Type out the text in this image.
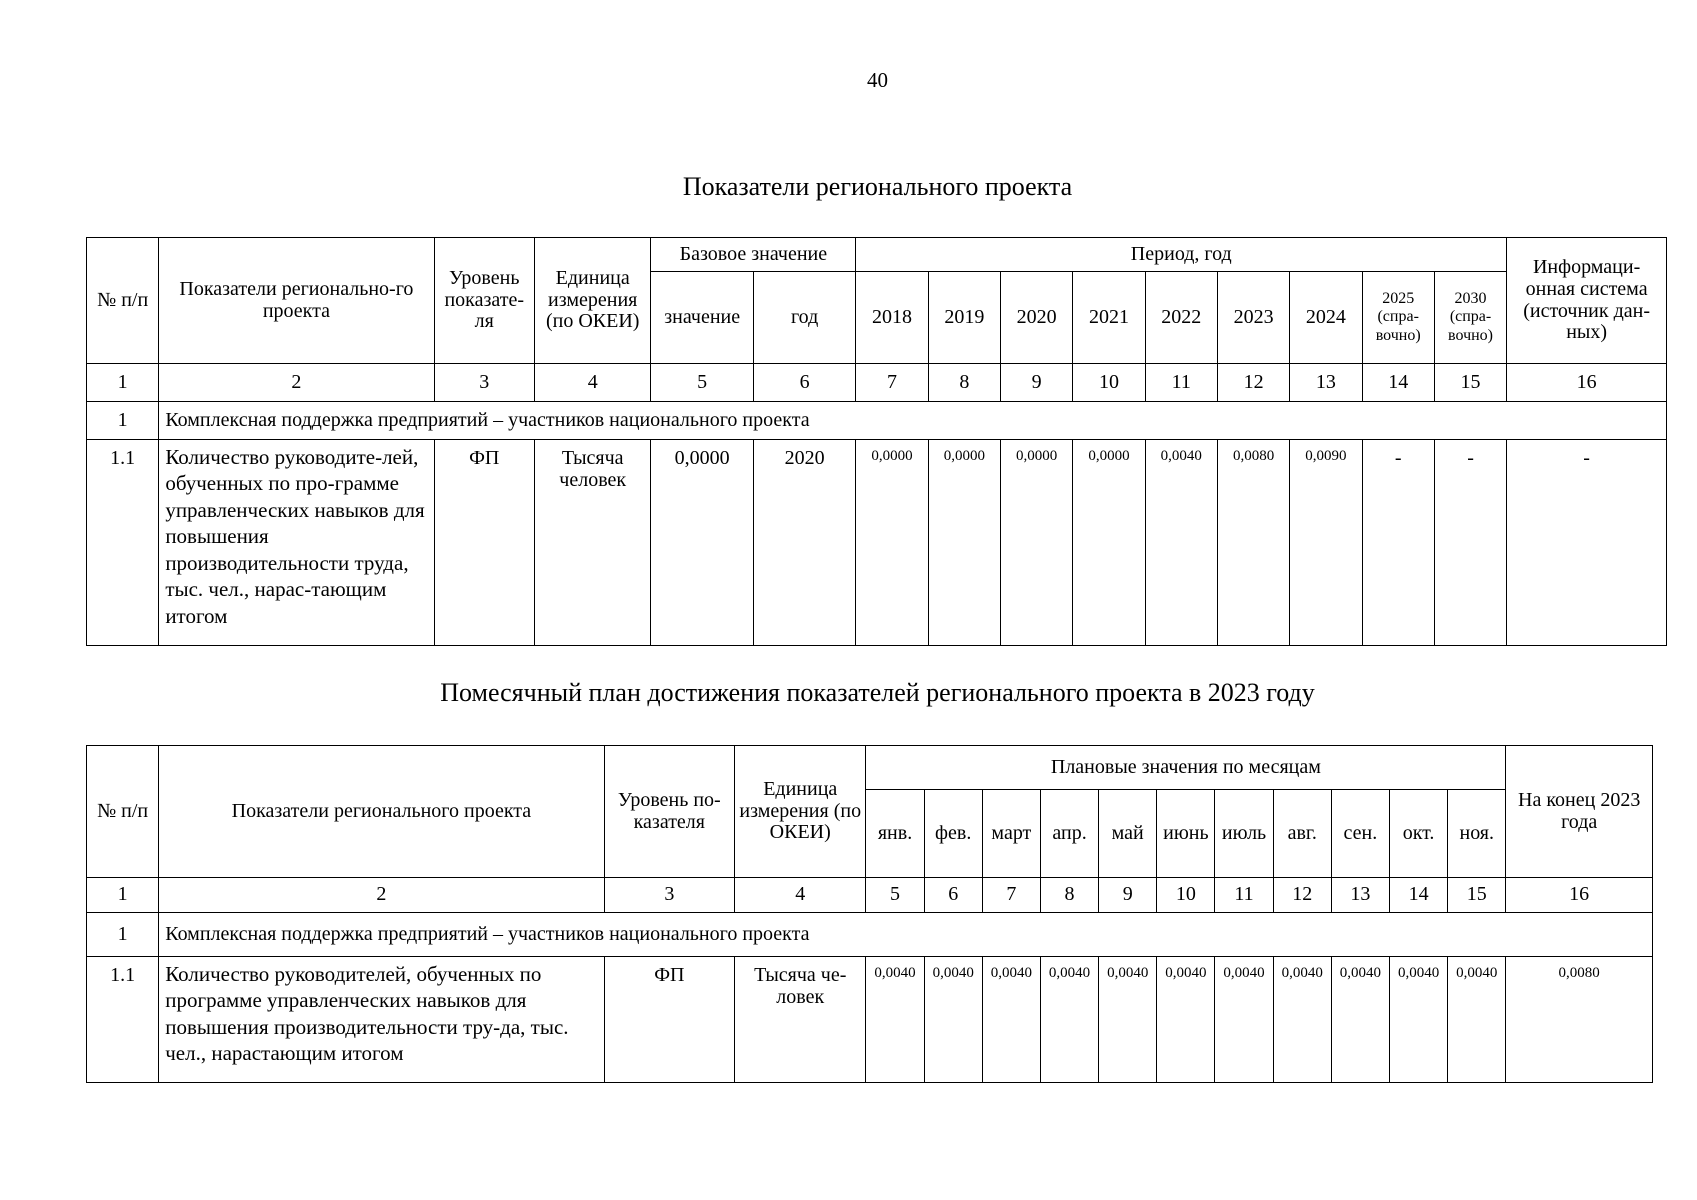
40
Показатели регионального проекта
№ п/п	Показатели регионально-го проекта	Уровень показате-ля	Единица измерения (по ОКЕИ)	Базовое значение		Период, год									Информаци-онная система (источник дан-ных)
				значение	год	2018	2019	2020	2021	2022	2023	2024	2025 (спра-вочно)	2030 (спра-вочно)	
1	2	3	4	5	6	7	8	9	10	11	12	13	14	15	16
1	Комплексная поддержка предприятий – участников национального проекта														
1.1	Количество руководите-лей, обученных по про-грамме управленческих навыков для повышения производительности труда, тыс. чел., нарас-тающим итогом	ФП	Тысяча человек	0,0000	2020	0,0000	0,0000	0,0000	0,0000	0,0040	0,0080	0,0090	-	-	-
Помесячный план достижения показателей регионального проекта в 2023 году
№ п/п	Показатели регионального проекта	Уровень по-казателя	Единица измерения (по ОКЕИ)	Плановые значения по месяцам											На конец 2023 года
				янв.	фев.	март	апр.	май	июнь	июль	авг.	сен.	окт.	ноя.	
1	2	3	4	5	6	7	8	9	10	11	12	13	14	15	16
1	Комплексная поддержка предприятий – участников национального проекта														
1.1	Количество руководителей, обученных по программе управленческих навыков для повышения производительности тру-да, тыс. чел., нарастающим итогом	ФП	Тысяча че-ловек	0,0040	0,0040	0,0040	0,0040	0,0040	0,0040	0,0040	0,0040	0,0040	0,0040	0,0040	0,0080
